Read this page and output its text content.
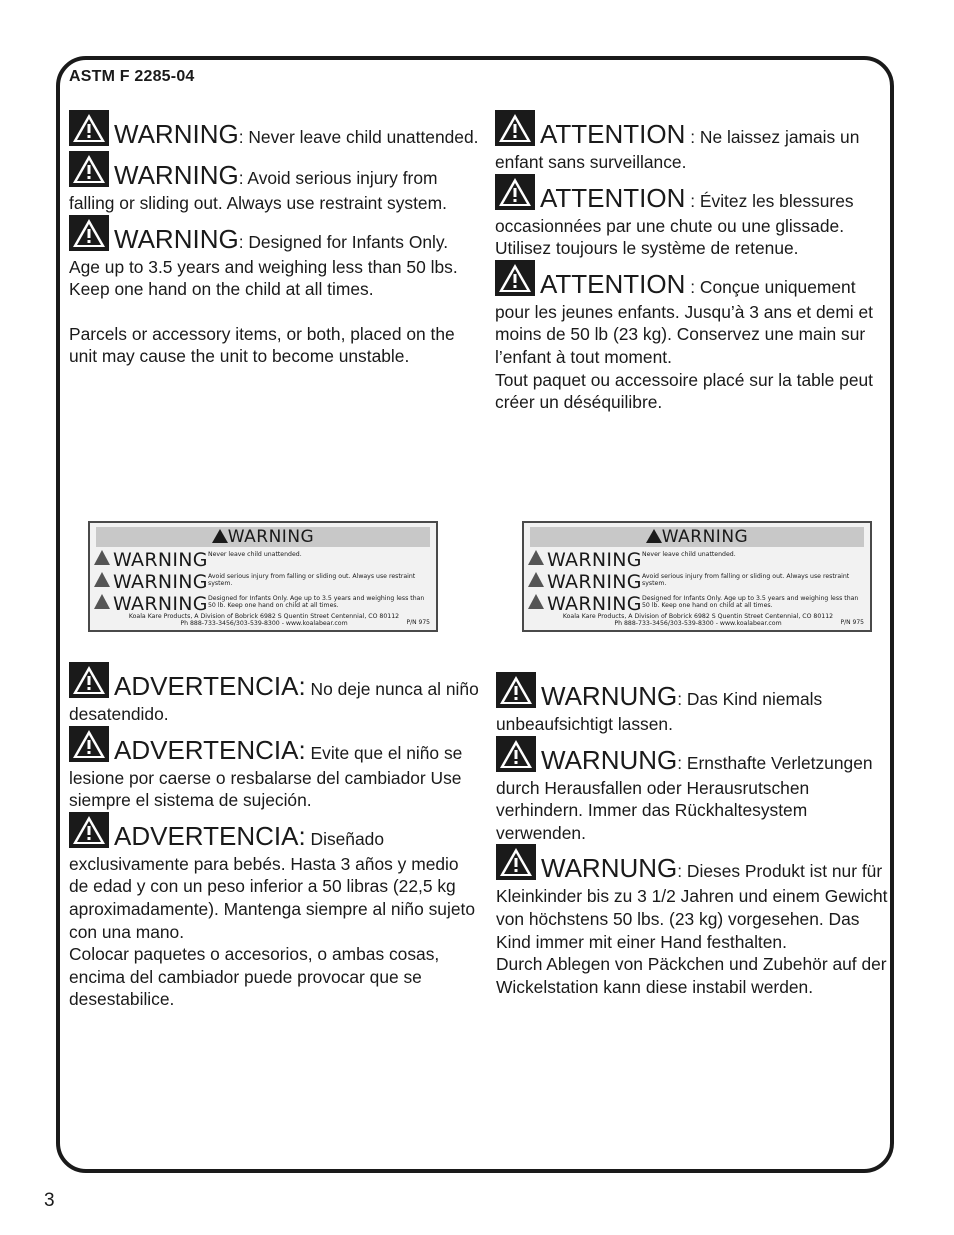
ASTM F 2285-04

WARNING: Never leave child unattended.

WARNING: Avoid serious injury from falling or sliding out. Always use restraint system.

WARNING: Designed for Infants Only. Age up to 3.5 years and weighing less than 50 lbs. Keep one hand on the child at all times.

Parcels or accessory items, or both, placed on the unit may cause the unit to become unstable.

ATTENTION : Ne laissez jamais un enfant sans surveillance.

ATTENTION : Évitez les blessures occasionnées par une chute ou une glissade. Utilisez toujours le système de retenue.

ATTENTION : Conçue uniquement pour les jeunes enfants. Jusqu’à 3 ans et demi et moins de 50 lb (23 kg). Conservez une main sur l’enfant à tout moment.

Tout paquet ou accessoire placé sur la table peut créer un déséquilibre.

WARNING
WARNING Never leave child unattended.
WARNING Avoid serious injury from falling or sliding out. Always use restraint system.
WARNING Designed for Infants Only. Age up to 3.5 years and weighing less than 50 lb. Keep one hand on child at all times.
Koala Kare Products, A Division of Bobrick 6982 S Quentin Street Centennial, CO 80112
Ph 888-733-3456/303-539-8300 - www.koalabear.com	P/N 975
WARNING
WARNING Never leave child unattended.
WARNING Avoid serious injury from falling or sliding out. Always use restraint system.
WARNING Designed for Infants Only. Age up to 3.5 years and weighing less than 50 lb. Keep one hand on child at all times.
Koala Kare Products, A Division of Bobrick 6982 S Quentin Street Centennial, CO 80112
Ph 888-733-3456/303-539-8300 - www.koalabear.com	P/N 975

ADVERTENCIA: No deje nunca al niño desatendido.

ADVERTENCIA: Evite que el niño se lesione por caerse o resbalarse del cambiador Use siempre el sistema de sujeción.

ADVERTENCIA: Diseñado exclusivamente para bebés. Hasta 3 años y medio de edad y con un peso inferior a 50 libras (22,5 kg aproximadamente). Mantenga siempre al niño sujeto con una mano.

Colocar paquetes o accesorios, o ambas cosas, encima del cambiador puede provocar que se desestabilice.

WARNUNG: Das Kind niemals unbeaufsichtigt lassen.

WARNUNG: Ernsthafte Verletzungen durch Herausfallen oder Herausrutschen verhindern. Immer das Rückhaltesystem verwenden.

WARNUNG: Dieses Produkt ist nur für Kleinkinder bis zu 3 1/2 Jahren und einem Gewicht von höchstens 50 lbs. (23 kg) vorgesehen. Das Kind immer mit einer Hand festhalten.

Durch Ablegen von Päckchen und Zubehör auf der Wickelstation kann diese instabil werden.

3
